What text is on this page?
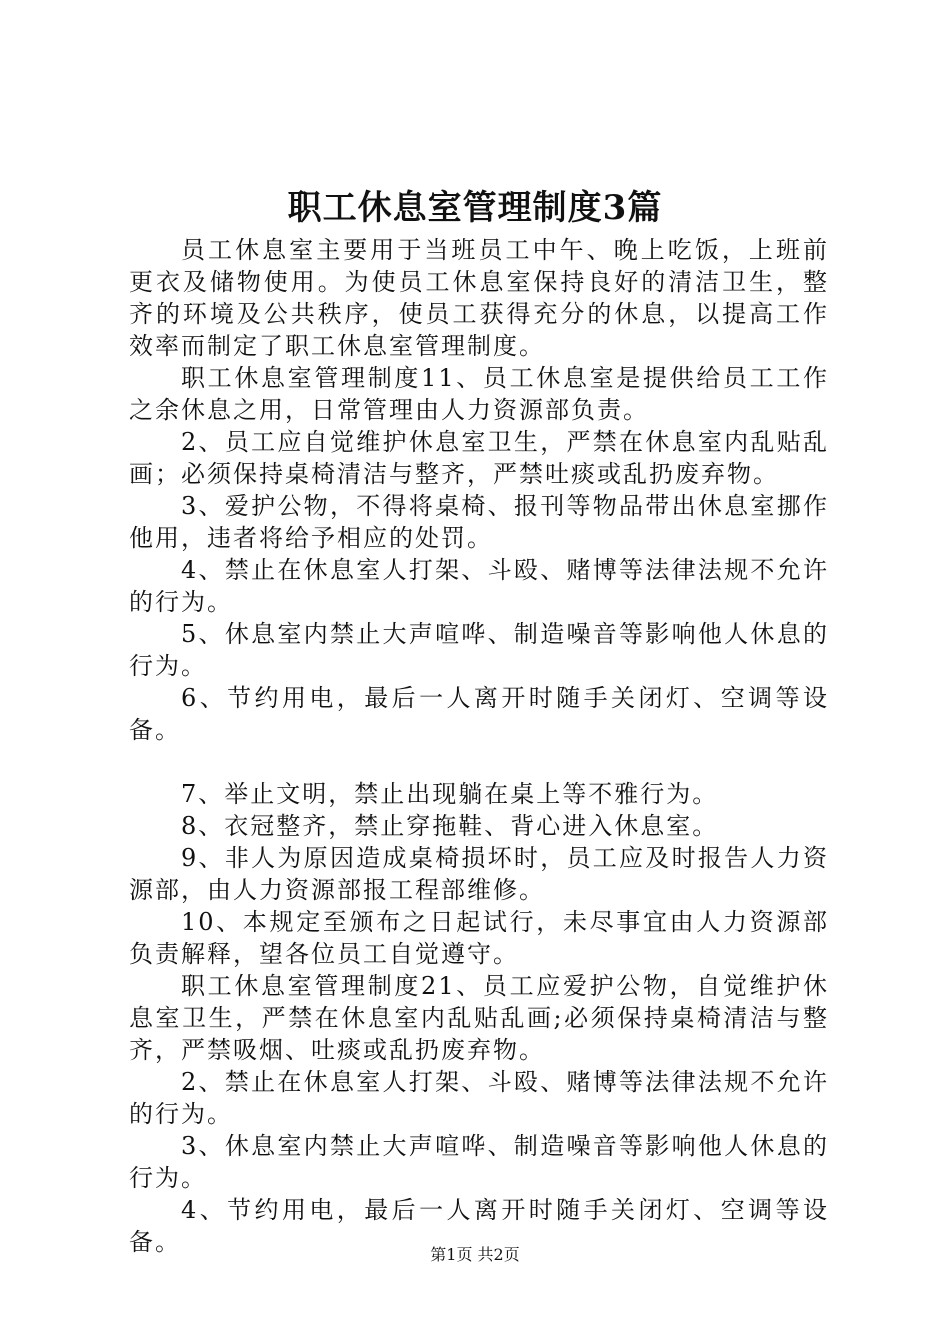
职工休息室管理制度3篇

员工休息室主要用于当班员工中午、晚上吃饭，上班前更衣及储物使用。为使员工休息室保持良好的清洁卫生，整齐的环境及公共秩序，使员工获得充分的休息，以提高工作效率而制定了职工休息室管理制度。

职工休息室管理制度11、员工休息室是提供给员工工作之余休息之用，日常管理由人力资源部负责。

2、员工应自觉维护休息室卫生，严禁在休息室内乱贴乱画；必须保持桌椅清洁与整齐，严禁吐痰或乱扔废弃物。

3、爱护公物，不得将桌椅、报刊等物品带出休息室挪作他用，违者将给予相应的处罚。

4、禁止在休息室人打架、斗殴、赌博等法律法规不允许的行为。

5、休息室内禁止大声喧哗、制造噪音等影响他人休息的行为。

6、节约用电，最后一人离开时随手关闭灯、空调等设备。

7、举止文明，禁止出现躺在桌上等不雅行为。

8、衣冠整齐，禁止穿拖鞋、背心进入休息室。

9、非人为原因造成桌椅损坏时，员工应及时报告人力资源部，由人力资源部报工程部维修。

10、本规定至颁布之日起试行，未尽事宜由人力资源部负责解释，望各位员工自觉遵守。

职工休息室管理制度21、员工应爱护公物，自觉维护休息室卫生，严禁在休息室内乱贴乱画;必须保持桌椅清洁与整齐，严禁吸烟、吐痰或乱扔废弃物。

2、禁止在休息室人打架、斗殴、赌博等法律法规不允许的行为。

3、休息室内禁止大声喧哗、制造噪音等影响他人休息的行为。

4、节约用电，最后一人离开时随手关闭灯、空调等设备。	第1页 共2页
